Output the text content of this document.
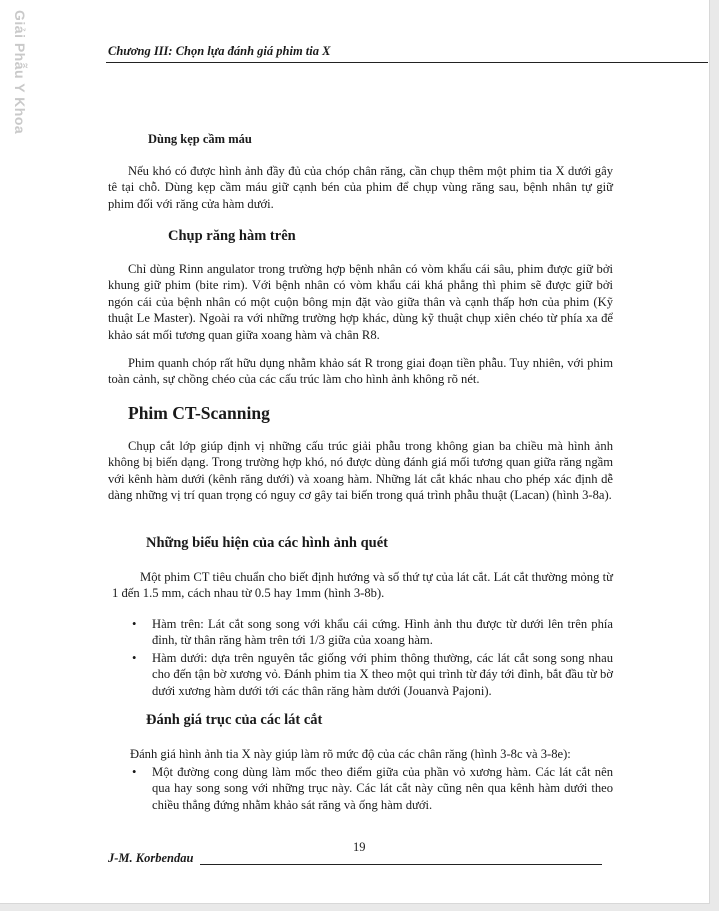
Giải Phẫu Y Khoa	Chương III: Chọn lựa đánh giá phim tia X
Dùng kẹp cầm máu

Nếu khó có được hình ảnh đầy đủ của chóp chân răng, cần chụp thêm một phim tia X dưới gây tê tại chỗ. Dùng kẹp cầm máu giữ cạnh bén của phim để chụp vùng răng sau, bệnh nhân tự giữ phim đối với răng cửa hàm dưới.

Chụp răng hàm trên

Chỉ dùng Rinn angulator trong trường hợp bệnh nhân có vòm khẩu cái sâu, phim được giữ bởi khung giữ phim (bite rim). Với bệnh nhân có vòm khẩu cái khá phẳng thì phim sẽ được giữ bởi ngón cái của bệnh nhân có một cuộn bông mịn đặt vào giữa thân và cạnh thấp hơn của phim (Kỹ thuật Le Master). Ngoài ra với những trường hợp khác, dùng kỹ thuật chụp xiên chéo từ phía xa để khảo sát mối tương quan giữa xoang hàm và chân R8.

Phim quanh chóp rất hữu dụng nhằm khảo sát R trong giai đoạn tiền phẫu. Tuy nhiên, với phim toàn cảnh, sự chồng chéo của các cấu trúc làm cho hình ảnh không rõ nét.

Phim CT-Scanning

Chụp cắt lớp giúp định vị những cấu trúc giải phẫu trong không gian ba chiều mà hình ảnh không bị biến dạng. Trong trường hợp khó, nó được dùng đánh giá mối tương quan giữa răng ngầm với kênh hàm dưới (kênh răng dưới) và xoang hàm. Những lát cắt khác nhau cho phép xác định dễ dàng những vị trí quan trọng có nguy cơ gây tai biến trong quá trình phẫu thuật (Lacan) (hình 3-8a).

Những biểu hiện của các hình ảnh quét

Một phim CT tiêu chuẩn cho biết định hướng và số thứ tự của lát cắt. Lát cắt thường mỏng từ 1 đến 1.5 mm, cách nhau từ 0.5 hay 1mm (hình 3-8b).

• Hàm trên: Lát cắt song song với khẩu cái cứng. Hình ảnh thu được từ dưới lên trên phía đỉnh, từ thân răng hàm trên tới 1/3 giữa của xoang hàm.
• Hàm dưới: dựa trên nguyên tắc giống với phim thông thường, các lát cắt song song nhau cho đến tận bờ xương vỏ. Đánh phim tia X theo một qui trình từ đáy tới đỉnh, bắt đầu từ bờ dưới xương hàm dưới tới các thân răng hàm dưới (Jouanvà Pajoni).
Đánh giá trục của các lát cắt

Đánh giá hình ảnh tia X này giúp làm rõ mức độ của các chân răng (hình 3-8c và 3-8e):

• Một đường cong dùng làm mốc theo điểm giữa của phần vỏ xương hàm. Các lát cắt nên qua hay song song với những trục này. Các lát cắt này cũng nên qua kênh hàm dưới theo chiều thẳng đứng nhằm khảo sát răng và ống hàm dưới.
19
J-M. Korbendau
